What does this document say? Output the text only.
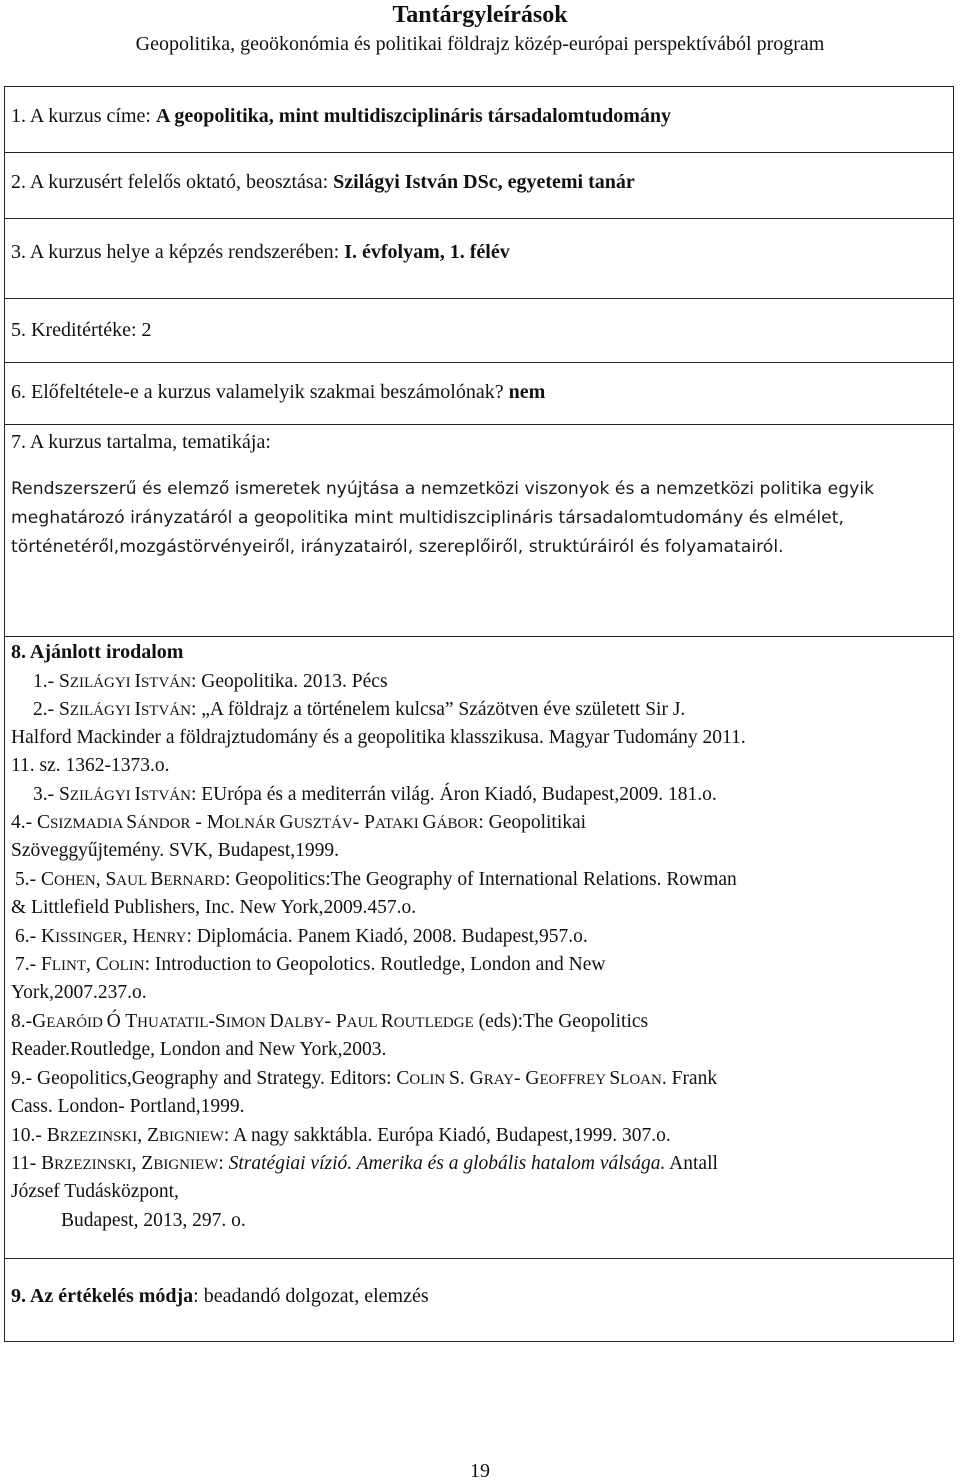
Tantárgyleírások
Geopolitika, geoökonómia és politikai földrajz közép-európai perspektívából program
1. A kurzus címe: A geopolitika, mint multidiszciplináris társadalomtudomány
2. A kurzusért felelős oktató, beosztása: Szilágyi István DSc, egyetemi tanár
3. A kurzus helye a képzés rendszerében: I. évfolyam, 1. félév
5. Kreditértéke: 2
6. Előfeltétele-e a kurzus valamelyik szakmai beszámolónak? nem
7. A kurzus tartalma, tematikája:
Rendszerszerű és elemző ismeretek nyújtása a nemzetközi viszonyok és a nemzetközi politika egyik meghatározó irányzatáról a geopolitika mint multidiszciplináris társadalomtudomány és elmélet, történetéről,mozgástörvényeiről, irányzatairól, szereplőiről, struktúráiról és folyamatairól.
8. Ajánlott irodalom
1.- SZILÁGYI ISTVÁN: Geopolitika. 2013. Pécs
2.- SZILÁGYI ISTVÁN: „A földrajz a történelem kulcsa” Százötven éve született Sir J.
Halford Mackinder a földrajztudomány és a geopolitika klasszikusa. Magyar Tudomány 2011.
11. sz. 1362-1373.o.
3.- SZILÁGYI ISTVÁN: EUrópa és a mediterrán világ. Áron Kiadó, Budapest,2009. 181.o.
4.- CSIZMADIA SÁNDOR - MOLNÁR GUSZTÁV- PATAKI GÁBOR: Geopolitikai
Szöveggyűjtemény. SVK, Budapest,1999.
5.- COHEN, SAUL BERNARD: Geopolitics:The Geography of International Relations. Rowman
& Littlefield Publishers, Inc. New York,2009.457.o.
6.- KISSINGER, HENRY: Diplomácia. Panem Kiadó, 2008. Budapest,957.o.
7.- FLINT, COLIN: Introduction to Geopolotics. Routledge, London and New
York,2007.237.o.
8.-GEARÓID Ó THUATATIL-SIMON DALBY- PAUL ROUTLEDGE (eds):The Geopolitics
Reader.Routledge, London and New York,2003.
9.- Geopolitics,Geography and Strategy. Editors: COLIN S. GRAY- GEOFFREY SLOAN. Frank
Cass. London- Portland,1999.
10.- BRZEZINSKI, ZBIGNIEW: A nagy sakktábla. Európa Kiadó, Budapest,1999. 307.o.
11- BRZEZINSKI, ZBIGNIEW: Stratégiai vízió. Amerika és a globális hatalom válsága. Antall
József Tudásközpont,
Budapest, 2013, 297. o.
9. Az értékelés módja: beadandó dolgozat, elemzés
19
